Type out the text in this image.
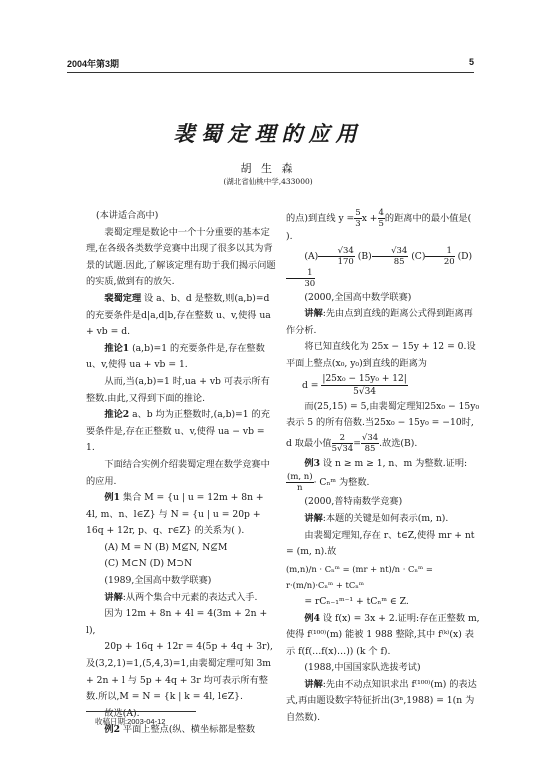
2004年第3期	5
裴蜀定理的应用
胡 生 森
(湖北省仙桃中学,433000)

(本讲适合高中)

裴蜀定理是数论中一个十分重要的基本定理,在各级各类数学竞赛中出现了很多以其为背景的试题.因此,了解该定理有助于我们揭示问题的实质,做到有的放矢.

裴蜀定理 设 a、b、d 是整数,则(a,b)=d 的充要条件是d|a,d|b,存在整数 u、v,使得 ua + vb = d.

推论1 (a,b)=1 的充要条件是,存在整数 u、v,使得 ua + vb = 1.

从而,当(a,b)=1 时,ua + vb 可表示所有整数.由此,又得到下面的推论.

推论2 a、b 均为正整数时,(a,b)=1 的充要条件是,存在正整数 u、v,使得 ua − vb = 1.

下面结合实例介绍裴蜀定理在数学竞赛中的应用.

例1 集合 M = {u | u = 12m + 8n + 4l, m、n、l∈Z} 与 N = {u | u = 20p + 16q + 12r, p、q、r∈Z} 的关系为( ).

(A) M = N (B) M⊈N, N⊈M

(C) M⊂N (D) M⊃N

(1989,全国高中数学联赛)

讲解:从两个集合中元素的表达式入手.

因为 12m + 8n + 4l = 4(3m + 2n + l),

20p + 16q + 12r = 4(5p + 4q + 3r),

及(3,2,1)=1,(5,4,3)=1,由裴蜀定理可知 3m + 2n + l 与 5p + 4q + 3r 均可表示所有整数.所以,M = N = {k | k = 4l, l∈Z}.

故选(A).

例2 平面上整点(纵、横坐标都是整数

的点)到直线 $y = \frac{5}{3}$ $x + \frac{4}{5}$ 的距离中的最小值是( ).

$(A) \frac{√34}{170} (B) \frac{√34}{85} (C) \frac{1}{20} (D)$
$\frac{1}{30}$

(2000,全国高中数学联赛)

讲解:先由点到直线的距离公式得到距离再作分析.

将已知直线化为 25x − 15y + 12 = 0.设平面上整点(x₀, y₀)到直线的距离为

$d = \frac{\text{|25x₀ − 15y₀ + 12|}}{5√34}$

而(25,15) = 5,由裴蜀定理知25x₀ − 15y₀ 表示 5 的所有倍数.当25x₀ − 15y₀ = −10时,

d 取最小值 $\frac{2}{5√34} = \frac{√34}{85}$ .故选(B).

例3 设 n ≥ m ≥ 1, n、m 为整数.证明:

$\frac{(m, n)}{n}$ · Cₙᵐ 为整数.

(2000,普特南数学竞赛)

讲解:本题的关键是如何表示(m, n).

由裴蜀定理知,存在 r、t∈Z,使得 mr + nt = (m, n).故

(m,n)/n · Cₙᵐ = (mr + nt)/n · Cₙᵐ = r·(m/n)·Cₙᵐ + tCₙᵐ

= rCₙ₋₁ᵐ⁻¹ + tCₙᵐ ∈ Z.

例4 设 f(x) = 3x + 2.证明:存在正整数 m,使得 f⁽¹⁰⁰⁾(m) 能被 1 988 整除,其中 f⁽ᵏ⁾(x) 表示 f(f(…f(x)…)) (k 个 f).

(1988,中国国家队选拔考试)

讲解:先由不动点知识求出 f⁽¹⁰⁰⁾(m) 的表达式,再由题设数字特征折出(3ⁿ,1988) = 1(n 为自然数).

收稿日期:2003-04-12
